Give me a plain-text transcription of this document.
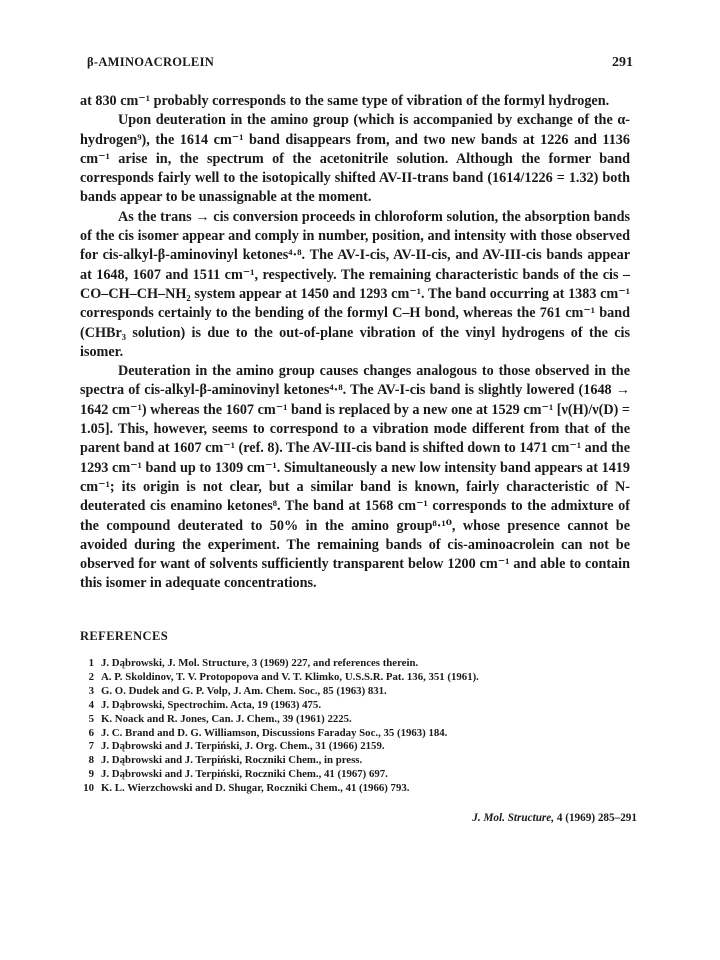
β-AMINOACROLEIN	291

at 830 cm⁻¹ probably corresponds to the same type of vibration of the formyl hydrogen.

Upon deuteration in the amino group (which is accompanied by exchange of the α-hydrogen⁹), the 1614 cm⁻¹ band disappears from, and two new bands at 1226 and 1136 cm⁻¹ arise in, the spectrum of the acetonitrile solution. Although the former band corresponds fairly well to the isotopically shifted AV-II-trans band (1614/1226 = 1.32) both bands appear to be unassignable at the moment.

As the trans → cis conversion proceeds in chloroform solution, the absorption bands of the cis isomer appear and comply in number, position, and intensity with those observed for cis-alkyl-β-aminovinyl ketones⁴·⁸. The AV-I-cis, AV-II-cis, and AV-III-cis bands appear at 1648, 1607 and 1511 cm⁻¹, respectively. The remaining characteristic bands of the cis –CO–CH–CH–NH₂ system appear at 1450 and 1293 cm⁻¹. The band occurring at 1383 cm⁻¹ corresponds certainly to the bending of the formyl C–H bond, whereas the 761 cm⁻¹ band (CHBr₃ solution) is due to the out-of-plane vibration of the vinyl hydrogens of the cis isomer.

Deuteration in the amino group causes changes analogous to those observed in the spectra of cis-alkyl-β-aminovinyl ketones⁴·⁸. The AV-I-cis band is slightly lowered (1648 → 1642 cm⁻¹) whereas the 1607 cm⁻¹ band is replaced by a new one at 1529 cm⁻¹ [ν(H)/ν(D) = 1.05]. This, however, seems to correspond to a vibration mode different from that of the parent band at 1607 cm⁻¹ (ref. 8). The AV-III-cis band is shifted down to 1471 cm⁻¹ and the 1293 cm⁻¹ band up to 1309 cm⁻¹. Simultaneously a new low intensity band appears at 1419 cm⁻¹; its origin is not clear, but a similar band is known, fairly characteristic of N-deuterated cis enamino ketones⁸. The band at 1568 cm⁻¹ corresponds to the admixture of the compound deuterated to 50% in the amino group⁸·¹⁰, whose presence cannot be avoided during the experiment. The remaining bands of cis-aminoacrolein can not be observed for want of solvents sufficiently transparent below 1200 cm⁻¹ and able to contain this isomer in adequate concentrations.

REFERENCES
1 J. Dąbrowski, J. Mol. Structure, 3 (1969) 227, and references therein.
2 A. P. Skoldinov, T. V. Protopopova and V. T. Klimko, U.S.S.R. Pat. 136, 351 (1961).
3 G. O. Dudek and G. P. Volp, J. Am. Chem. Soc., 85 (1963) 831.
4 J. Dąbrowski, Spectrochim. Acta, 19 (1963) 475.
5 K. Noack and R. Jones, Can. J. Chem., 39 (1961) 2225.
6 J. C. Brand and D. G. Williamson, Discussions Faraday Soc., 35 (1963) 184.
7 J. Dąbrowski and J. Terpiński, J. Org. Chem., 31 (1966) 2159.
8 J. Dąbrowski and J. Terpiński, Roczniki Chem., in press.
9 J. Dąbrowski and J. Terpiński, Roczniki Chem., 41 (1967) 697.
10 K. L. Wierzchowski and D. Shugar, Roczniki Chem., 41 (1966) 793.
J. Mol. Structure, 4 (1969) 285–291
